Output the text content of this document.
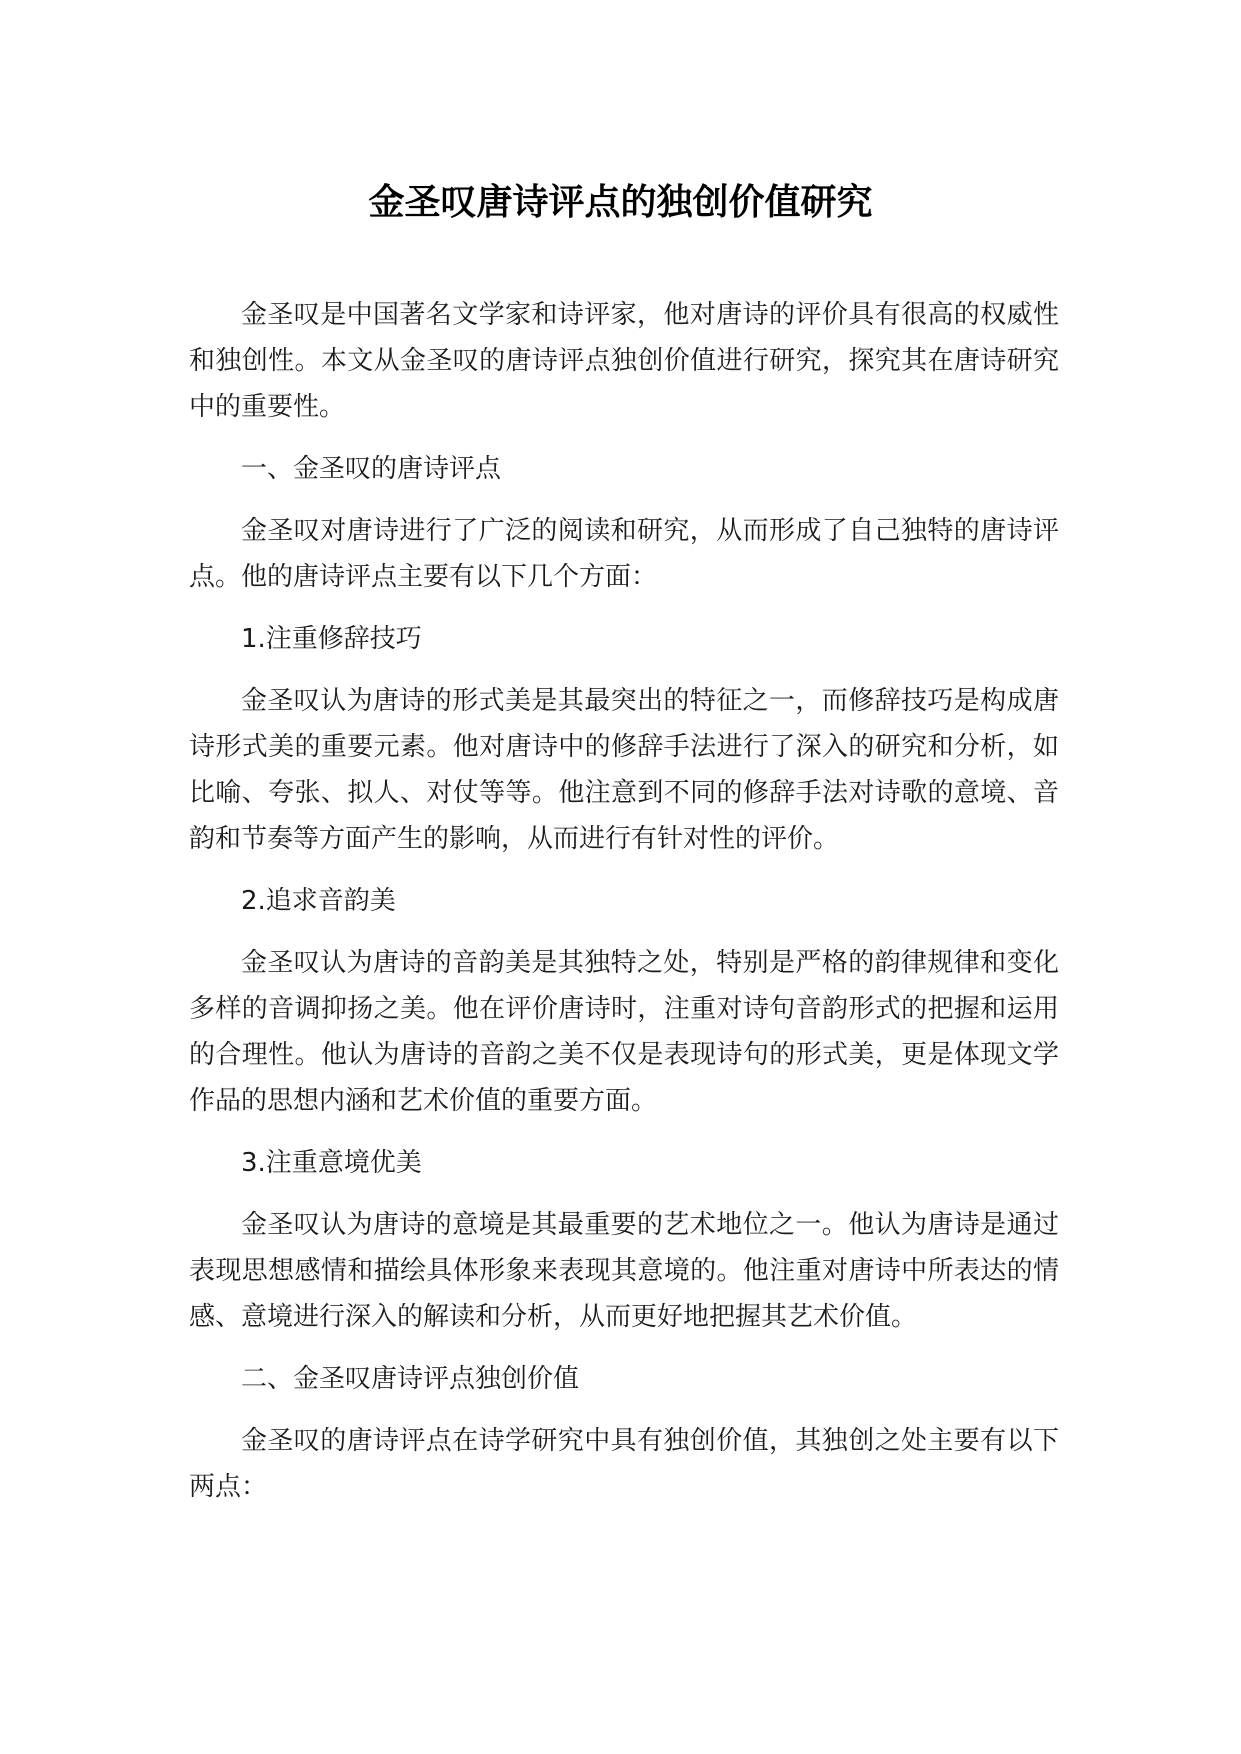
金圣叹唐诗评点的独创价值研究

金圣叹是中国著名文学家和诗评家，他对唐诗的评价具有很高的权威性和独创性。本文从金圣叹的唐诗评点独创价值进行研究，探究其在唐诗研究中的重要性。

一、金圣叹的唐诗评点

金圣叹对唐诗进行了广泛的阅读和研究，从而形成了自己独特的唐诗评点。他的唐诗评点主要有以下几个方面：

1.注重修辞技巧

金圣叹认为唐诗的形式美是其最突出的特征之一，而修辞技巧是构成唐诗形式美的重要元素。他对唐诗中的修辞手法进行了深入的研究和分析，如比喻、夸张、拟人、对仗等等。他注意到不同的修辞手法对诗歌的意境、音韵和节奏等方面产生的影响，从而进行有针对性的评价。

2.追求音韵美

金圣叹认为唐诗的音韵美是其独特之处，特别是严格的韵律规律和变化多样的音调抑扬之美。他在评价唐诗时，注重对诗句音韵形式的把握和运用的合理性。他认为唐诗的音韵之美不仅是表现诗句的形式美，更是体现文学作品的思想内涵和艺术价值的重要方面。

3.注重意境优美

金圣叹认为唐诗的意境是其最重要的艺术地位之一。他认为唐诗是通过表现思想感情和描绘具体形象来表现其意境的。他注重对唐诗中所表达的情感、意境进行深入的解读和分析，从而更好地把握其艺术价值。

二、金圣叹唐诗评点独创价值

金圣叹的唐诗评点在诗学研究中具有独创价值，其独创之处主要有以下两点：
